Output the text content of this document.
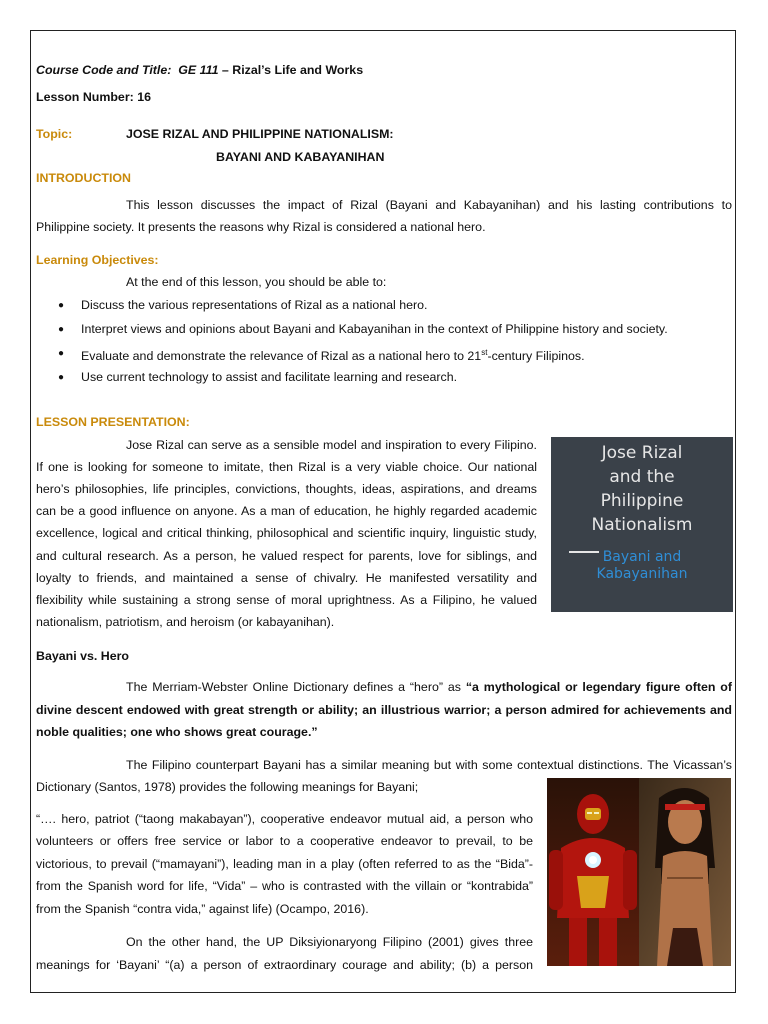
Course Code and Title: GE 111 – Rizal’s Life and Works
Lesson Number: 16
Topic:	JOSE RIZAL AND PHILIPPINE NATIONALISM:
BAYANI AND KABAYANIHAN
INTRODUCTION
This lesson discusses the impact of Rizal (Bayani and Kabayanihan) and his lasting contributions to
Philippine society. It presents the reasons why Rizal is considered a national hero.
Learning Objectives:
At the end of this lesson, you should be able to:
● Discuss the various representations of Rizal as a national hero.
● Interpret views and opinions about Bayani and Kabayanihan in the context of Philippine history and society.
● Evaluate and demonstrate the relevance of Rizal as a national hero to 21st-century Filipinos.
● Use current technology to assist and facilitate learning and research.
LESSON PRESENTATION:
Jose Rizal can serve as a sensible model and inspiration to every Filipino.
If one is looking for someone to imitate, then Rizal is a very viable choice. Our national
hero’s philosophies, life principles, convictions, thoughts, ideas, aspirations, and dreams
can be a good influence on anyone. As a man of education, he highly regarded academic
excellence, logical and critical thinking, philosophical and scientific inquiry, linguistic study,
and cultural research. As a person, he valued respect for parents, love for siblings, and
loyalty to friends, and maintained a sense of chivalry. He manifested versatility and
flexibility while sustaining a strong sense of moral uprightness. As a Filipino, he valued
nationalism, patriotism, and heroism (or kabayanihan).
Jose Rizal
and the
Philippine
Nationalism
Bayani and
Kabayanihan
Bayani vs. Hero
The Merriam-Webster Online Dictionary defines a “hero” as “a mythological or legendary figure often of
divine descent endowed with great strength or ability; an illustrious warrior; a person admired for achievements and
noble qualities; one who shows great courage.”
The Filipino counterpart Bayani has a similar meaning but with some contextual distinctions. The Vicassan’s
Dictionary (Santos, 1978) provides the following meanings for Bayani;
“…. hero, patriot (“taong makabayan”), cooperative endeavor mutual aid, a person who
volunteers or offers free service or labor to a cooperative endeavor to prevail, to be
victorious, to prevail (“mamayani”), leading man in a play (often referred to as the “Bida”-
from the Spanish word for life, “Vida” – who is contrasted with the villain or “kontrabida”
from the Spanish “contra vida,” against life) (Ocampo, 2016).
On the other hand, the UP Diksiyionaryong Filipino (2001) gives three
meanings for ‘Bayani’ “(a) a person of extraordinary courage and ability; (b) a person
